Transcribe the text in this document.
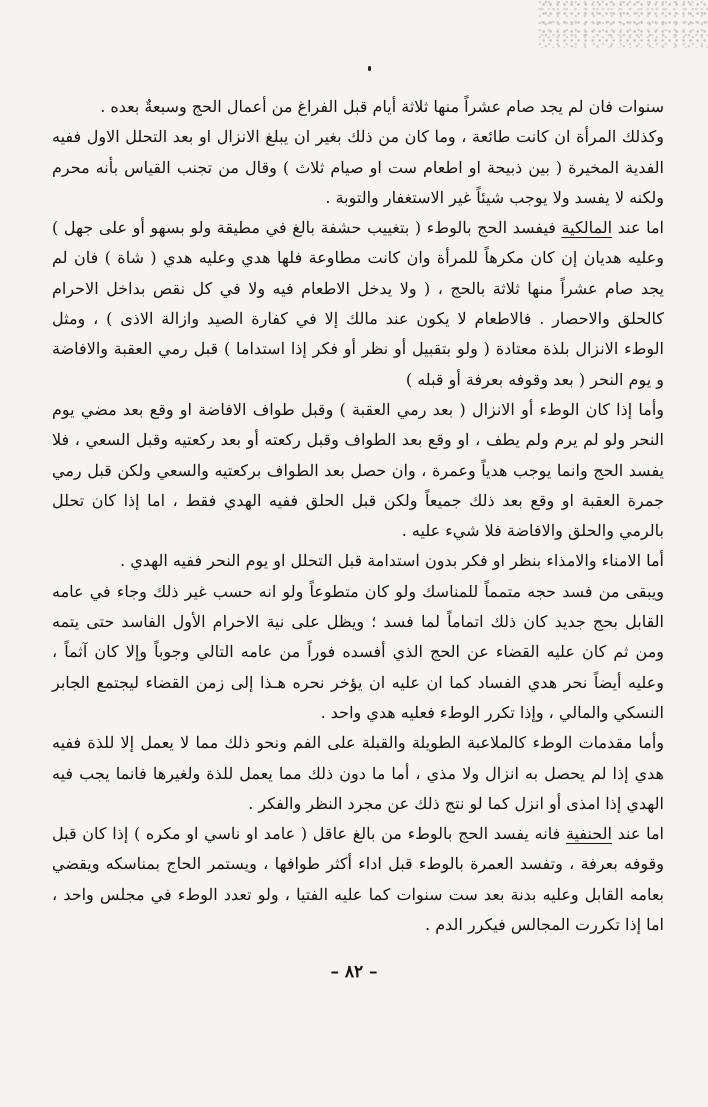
سنوات فان لم يجد صام عشراً منها ثلاثة أيام قبل الفراغ من أعمال الحج وسبعةٌ بعده .

وكذلك المرأة ان كانت طائعة ، وما كان من ذلك بغير ان يبلغ الانزال او بعد التحلل الاول ففيه الفدية المخيرة ( بين ذبيحة او اطعام ست او صيام ثلاث ) وقال من تجنب القياس بأنه محرم ولكنه لا يفسد ولا يوجب شيئاً غير الاستغفار والتوبة .

اما عند المالكية فيفسد الحج بالوطء ( بتغييب حشفة بالغ في مطيقة ولو بسهو أو على جهل ) وعليه هديان إن كان مكرهاً للمرأة وان كانت مطاوعة فلها هدي وعليه هدي ( شاة ) فان لم يجد صام عشراً منها ثلاثة بالحج ، ( ولا يدخل الاطعام فيه ولا في كل نقص بداخل الاحرام كالحلق والاحصار . فالاطعام لا يكون عند مالك إلا في كفارة الصيد وازالة الاذى ) ، ومثل الوطء الانزال بلذة معتادة ( ولو بتقبيل أو نظر أو فكر إذا استداما ) قبل رمي العقبة والافاضة و يوم النحر ( بعد وقوفه بعرفة أو قبله )

وأما إذا كان الوطء أو الانزال ( بعد رمي العقبة ) وقبل طواف الافاضة او وقع بعد مضي يوم النحر ولو لم يرم ولم يطف ، او وقع بعد الطواف وقبل ركعته أو بعد ركعتيه وقبل السعي ، فلا يفسد الحج وانما يوجب هدياً وعمرة ، وان حصل بعد الطواف بركعتيه والسعي ولكن قبل رمي جمرة العقبة او وقع بعد ذلك جميعاً ولكن قبل الحلق ففيه الهدي فقط ، اما إذا كان تحلل بالرمي والحلق والافاضة فلا شيء عليه .

أما الامناء والامذاء بنظر او فكر بدون استدامة قبل التحلل او يوم النحر ففيه الهدي .

ويبقى من فسد حجه متمماً للمناسك ولو كان متطوعاً ولو انه حسب غير ذلك وجاء في عامه القابل بحج جديد كان ذلك اتماماً لما فسد ؛ ويظل على نية الاحرام الأول الفاسد حتى يتمه ومن ثم كان عليه القضاء عن الحج الذي أفسده فوراً من عامه التالي وجوباً وإلا كان آثماً ، وعليه أيضاً نحر هدي الفساد كما ان عليه ان يؤخر نحره هـذا إلى زمن القضاء ليجتمع الجابر النسكي والمالي ، وإذا تكرر الوطء فعليه هدي واحد .

وأما مقدمات الوطء كالملاعبة الطويلة والقبلة على الفم ونحو ذلك مما لا يعمل إلا للذة ففيه هدي إذا لم يحصل به انزال ولا مذي ، أما ما دون ذلك مما يعمل للذة ولغيرها فانما يجب فيه الهدي إذا امذى أو انزل كما لو نتج ذلك عن مجرد النظر والفكر .

اما عند الحنفية فانه يفسد الحج بالوطء من بالغ عاقل ( عامد او ناسي او مكره ) إذا كان قبل وقوفه بعرفة ، وتفسد العمرة بالوطء قبل اداء أكثر طوافها ، ويستمر الحاج بمناسكه ويقضي بعامه القابل وعليه بدنة بعد ست سنوات كما عليه الفتيا ، ولو تعدد الوطء في مجلس واحد ، اما إذا تكررت المجالس فيكرر الدم .

– ٨٢ –
